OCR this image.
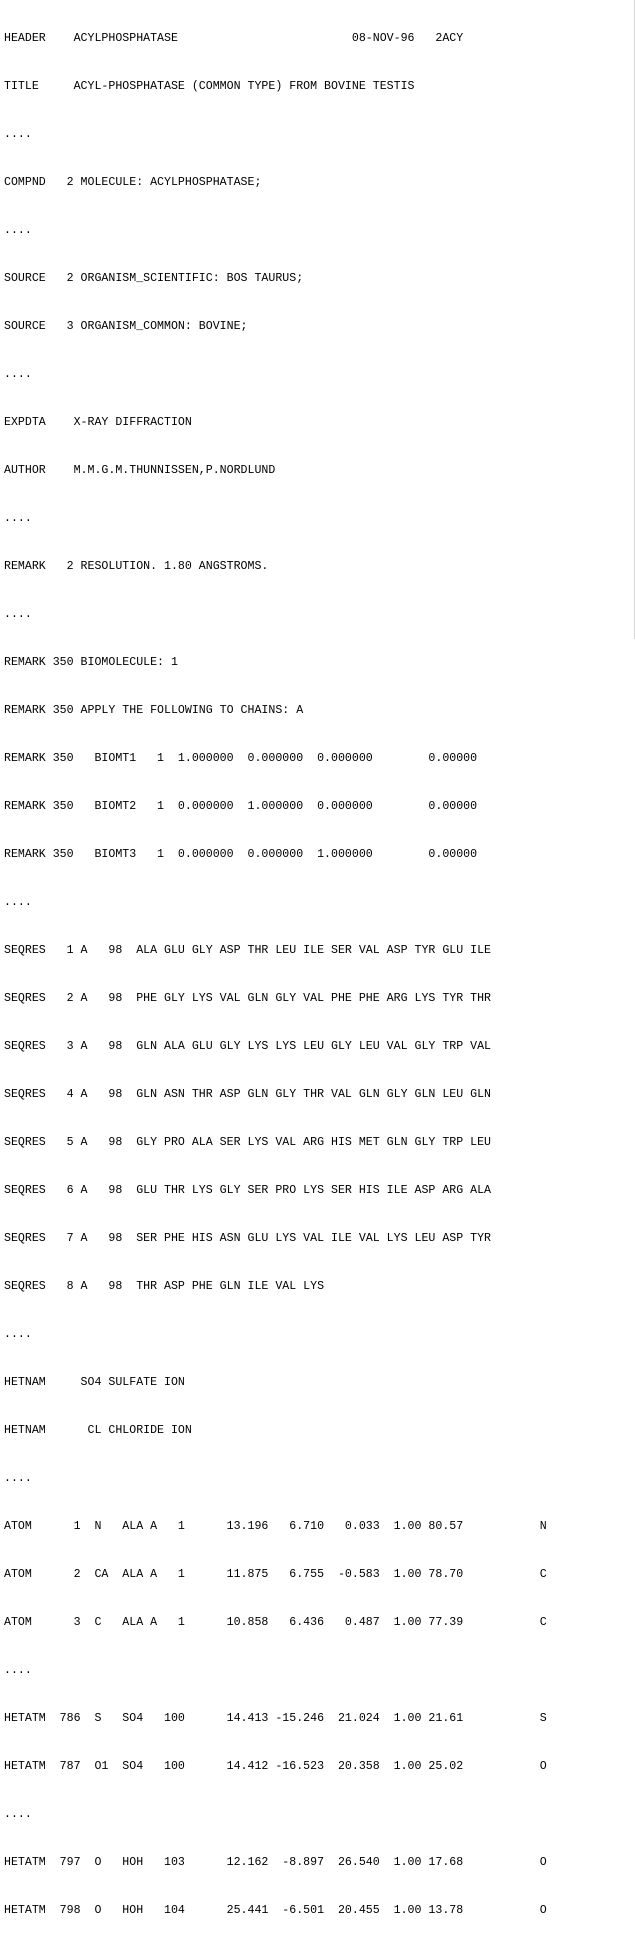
HEADER    ACYLPHOSPHATASE                         08-NOV-96   2ACY

TITLE     ACYL-PHOSPHATASE (COMMON TYPE) FROM BOVINE TESTIS

....

COMPND   2 MOLECULE: ACYLPHOSPHATASE;

....

SOURCE   2 ORGANISM_SCIENTIFIC: BOS TAURUS;

SOURCE   3 ORGANISM_COMMON: BOVINE;

....

EXPDTA    X-RAY DIFFRACTION

AUTHOR    M.M.G.M.THUNNISSEN,P.NORDLUND

....

REMARK   2 RESOLUTION. 1.80 ANGSTROMS.

....

REMARK 350 BIOMOLECULE: 1

REMARK 350 APPLY THE FOLLOWING TO CHAINS: A

REMARK 350   BIOMT1   1  1.000000  0.000000  0.000000        0.00000

REMARK 350   BIOMT2   1  0.000000  1.000000  0.000000        0.00000

REMARK 350   BIOMT3   1  0.000000  0.000000  1.000000        0.00000

....

SEQRES   1 A   98  ALA GLU GLY ASP THR LEU ILE SER VAL ASP TYR GLU ILE

SEQRES   2 A   98  PHE GLY LYS VAL GLN GLY VAL PHE PHE ARG LYS TYR THR

SEQRES   3 A   98  GLN ALA GLU GLY LYS LYS LEU GLY LEU VAL GLY TRP VAL

SEQRES   4 A   98  GLN ASN THR ASP GLN GLY THR VAL GLN GLY GLN LEU GLN

SEQRES   5 A   98  GLY PRO ALA SER LYS VAL ARG HIS MET GLN GLY TRP LEU

SEQRES   6 A   98  GLU THR LYS GLY SER PRO LYS SER HIS ILE ASP ARG ALA

SEQRES   7 A   98  SER PHE HIS ASN GLU LYS VAL ILE VAL LYS LEU ASP TYR

SEQRES   8 A   98  THR ASP PHE GLN ILE VAL LYS

....

HETNAM     SO4 SULFATE ION

HETNAM      CL CHLORIDE ION

....

ATOM      1  N   ALA A   1      13.196   6.710   0.033  1.00 80.57           N

ATOM      2  CA  ALA A   1      11.875   6.755  -0.583  1.00 78.70           C

ATOM      3  C   ALA A   1      10.858   6.436   0.487  1.00 77.39           C

....

HETATM  786  S   SO4   100      14.413 -15.246  21.024  1.00 21.61           S

HETATM  787  O1  SO4   100      14.412 -16.523  20.358  1.00 25.02           O

....

HETATM  797  O   HOH   103      12.162  -8.897  26.540  1.00 17.68           O

HETATM  798  O   HOH   104      25.441  -6.501  20.455  1.00 13.78           O
